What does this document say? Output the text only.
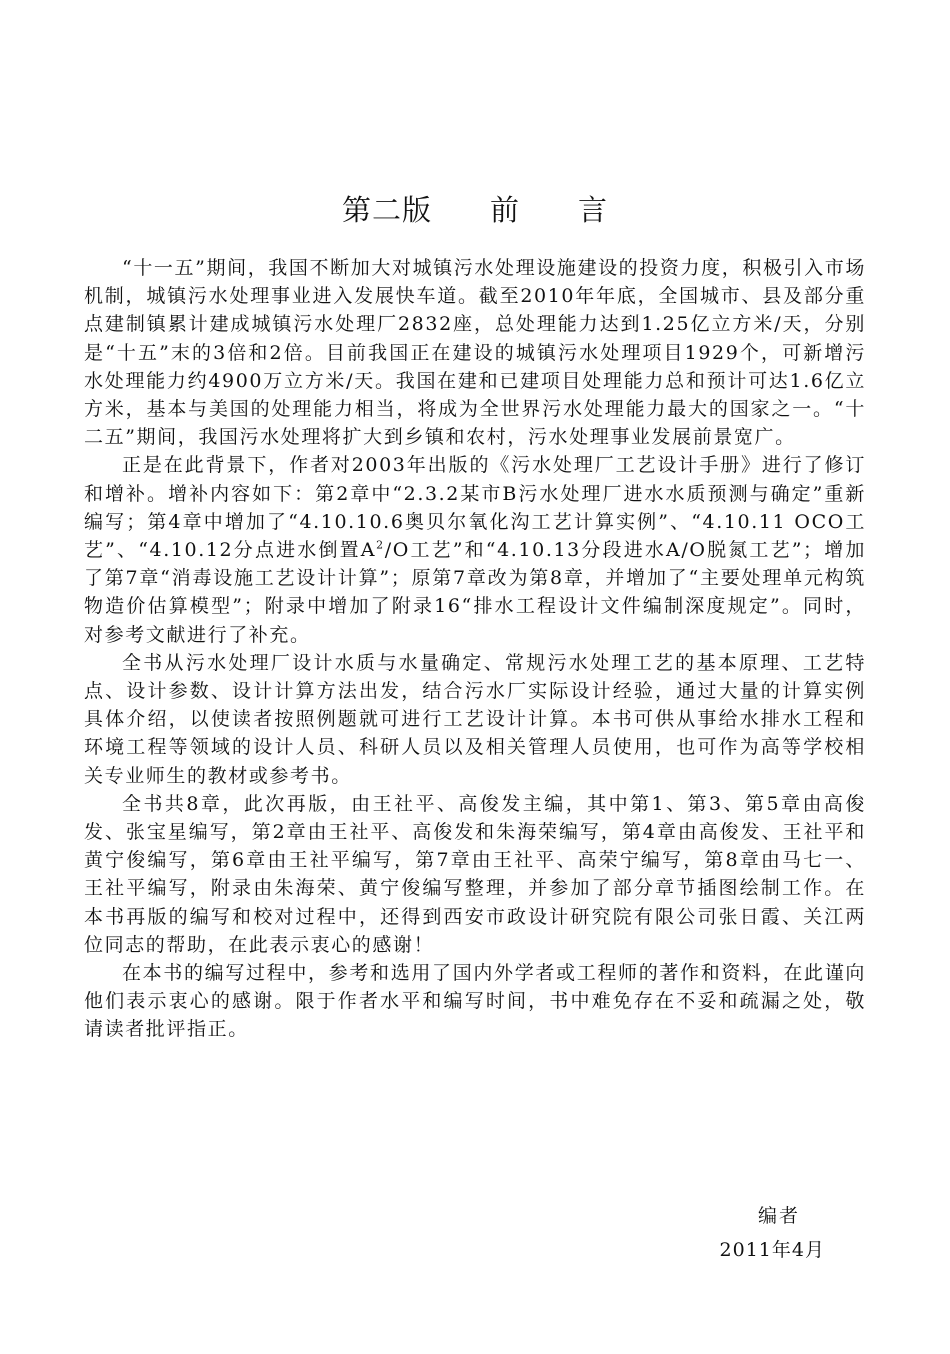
第二版 前 言

“十一五”期间，我国不断加大对城镇污水处理设施建设的投资力度，积极引入市场机制，城镇污水处理事业进入发展快车道。截至2010年年底，全国城市、县及部分重点建制镇累计建成城镇污水处理厂2832座，总处理能力达到1.25亿立方米/天，分别是“十五”末的3倍和2倍。目前我国正在建设的城镇污水处理项目1929个，可新增污水处理能力约4900万立方米/天。我国在建和已建项目处理能力总和预计可达1.6亿立方米，基本与美国的处理能力相当，将成为全世界污水处理能力最大的国家之一。“十二五”期间，我国污水处理将扩大到乡镇和农村，污水处理事业发展前景宽广。

正是在此背景下，作者对2003年出版的《污水处理厂工艺设计手册》进行了修订和增补。增补内容如下：第2章中“2.3.2某市B污水处理厂进水水质预测与确定”重新编写；第4章中增加了“4.10.10.6奥贝尔氧化沟工艺计算实例”、“4.10.11 OCO工艺”、“4.10.12分点进水倒置$A^2/O$工艺”和“4.10.13分段进水A/O脱氮工艺”；增加了第7章“消毒设施工艺设计计算”；原第7章改为第8章，并增加了“主要处理单元构筑物造价估算模型”；附录中增加了附录16“排水工程设计文件编制深度规定”。同时，对参考文献进行了补充。

全书从污水处理厂设计水质与水量确定、常规污水处理工艺的基本原理、工艺特点、设计参数、设计计算方法出发，结合污水厂实际设计经验，通过大量的计算实例具体介绍，以使读者按照例题就可进行工艺设计计算。本书可供从事给水排水工程和环境工程等领域的设计人员、科研人员以及相关管理人员使用，也可作为高等学校相关专业师生的教材或参考书。

全书共8章，此次再版，由王社平、高俊发主编，其中第1、第3、第5章由高俊发、张宝星编写，第2章由王社平、高俊发和朱海荣编写，第4章由高俊发、王社平和黄宁俊编写，第6章由王社平编写，第7章由王社平、高荣宁编写，第8章由马七一、王社平编写，附录由朱海荣、黄宁俊编写整理，并参加了部分章节插图绘制工作。在本书再版的编写和校对过程中，还得到西安市政设计研究院有限公司张日霞、关江两位同志的帮助，在此表示衷心的感谢！

在本书的编写过程中，参考和选用了国内外学者或工程师的著作和资料，在此谨向他们表示衷心的感谢。限于作者水平和编写时间，书中难免存在不妥和疏漏之处，敬请读者批评指正。

编者
2011年4月
